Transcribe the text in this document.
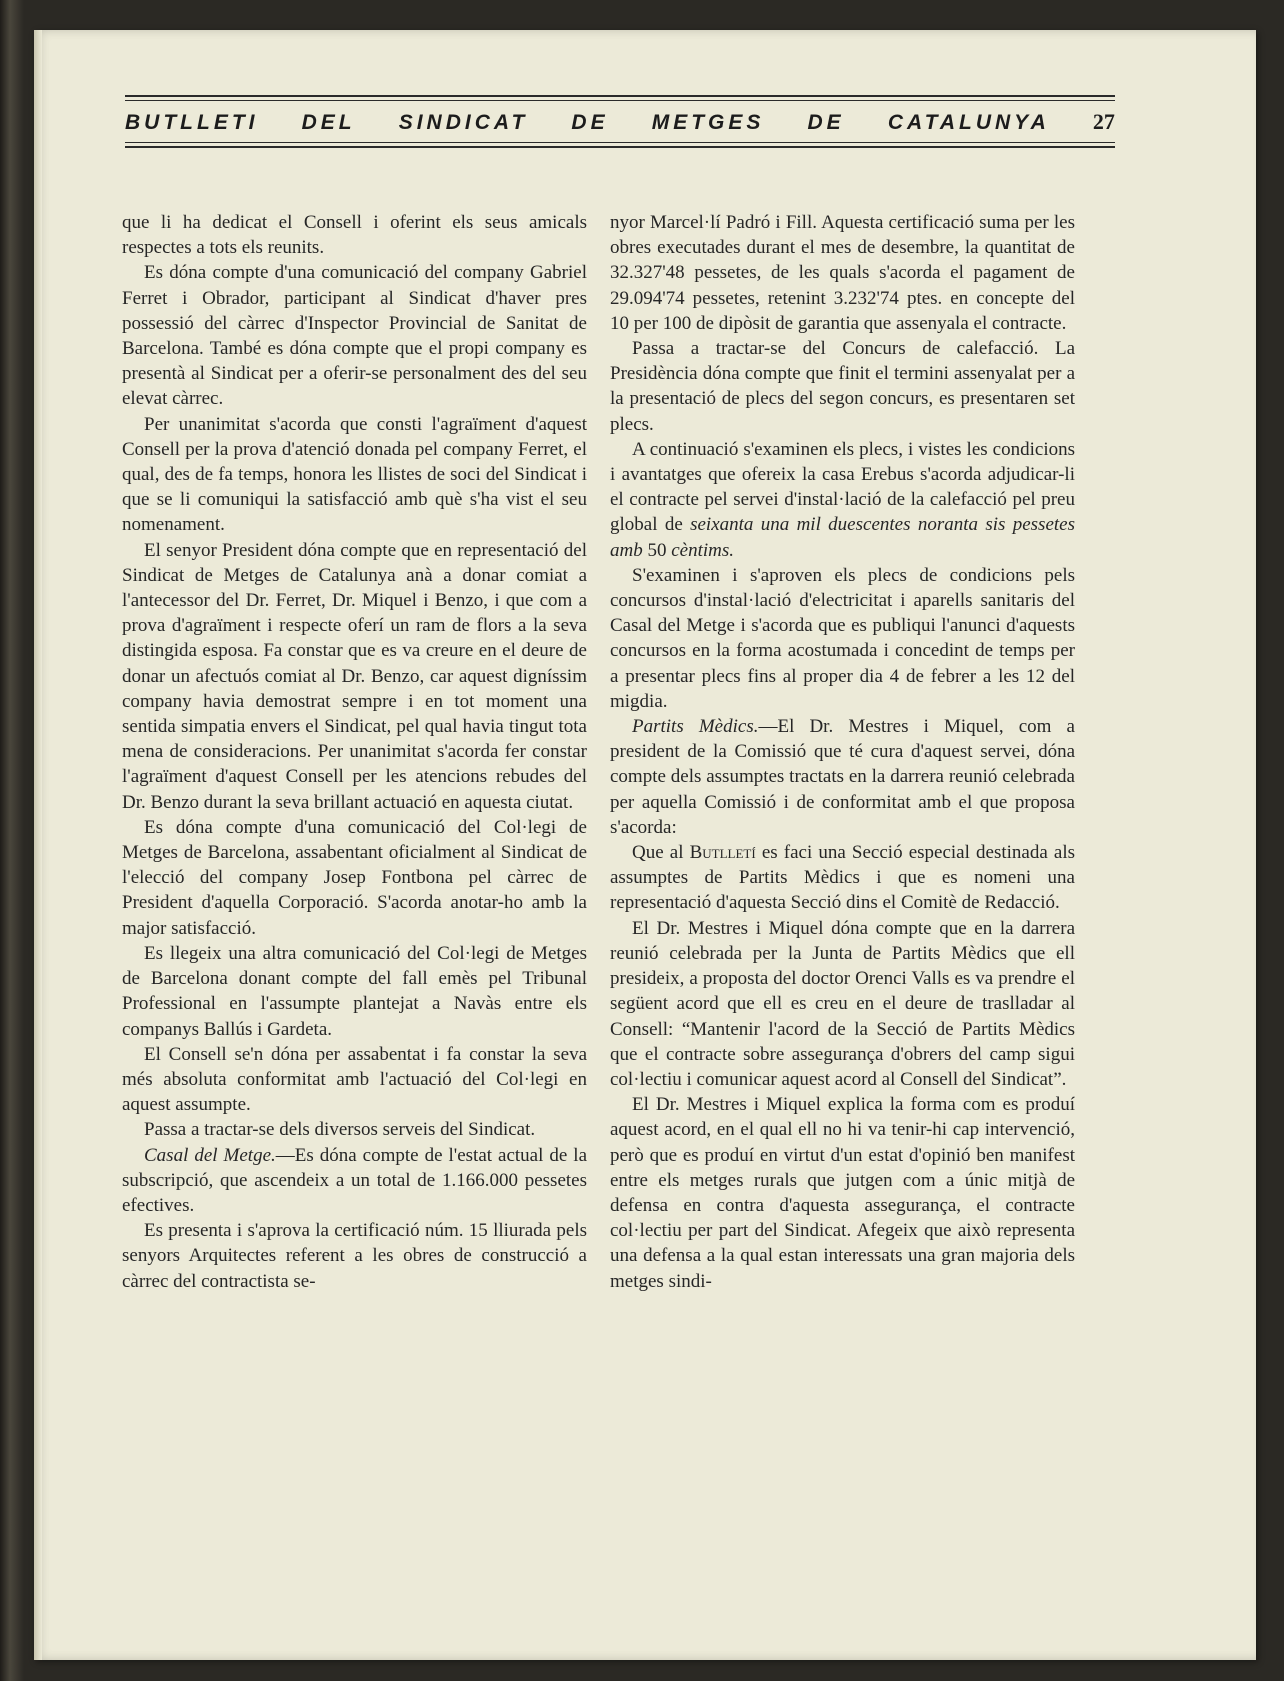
BUTLLETI DEL SINDICAT DE METGES DE CATALUNYA 27

que li ha dedicat el Consell i oferint els seus amicals respectes a tots els reunits.

Es dóna compte d'una comunicació del company Gabriel Ferret i Obrador, participant al Sindicat d'haver pres possessió del càrrec d'Inspector Provincial de Sanitat de Barcelona. També es dóna compte que el propi company es presentà al Sindicat per a oferir-se personalment des del seu elevat càrrec.

Per unanimitat s'acorda que consti l'agraïment d'aquest Consell per la prova d'atenció donada pel company Ferret, el qual, des de fa temps, honora les llistes de soci del Sindicat i que se li comuniqui la satisfacció amb què s'ha vist el seu nomenament.

El senyor President dóna compte que en representació del Sindicat de Metges de Catalunya anà a donar comiat a l'antecessor del Dr. Ferret, Dr. Miquel i Benzo, i que com a prova d'agraïment i respecte oferí un ram de flors a la seva distingida esposa. Fa constar que es va creure en el deure de donar un afectuós comiat al Dr. Benzo, car aquest digníssim company havia demostrat sempre i en tot moment una sentida simpatia envers el Sindicat, pel qual havia tingut tota mena de consideracions. Per unanimitat s'acorda fer constar l'agraïment d'aquest Consell per les atencions rebudes del Dr. Benzo durant la seva brillant actuació en aquesta ciutat.

Es dóna compte d'una comunicació del Col·legi de Metges de Barcelona, assabentant oficialment al Sindicat de l'elecció del company Josep Fontbona pel càrrec de President d'aquella Corporació. S'acorda anotar-ho amb la major satisfacció.

Es llegeix una altra comunicació del Col·legi de Metges de Barcelona donant compte del fall emès pel Tribunal Professional en l'assumpte plantejat a Navàs entre els companys Ballús i Gardeta.

El Consell se'n dóna per assabentat i fa constar la seva més absoluta conformitat amb l'actuació del Col·legi en aquest assumpte.

Passa a tractar-se dels diversos serveis del Sindicat.

Casal del Metge.—Es dóna compte de l'estat actual de la subscripció, que ascendeix a un total de 1.166.000 pessetes efectives.

Es presenta i s'aprova la certificació núm. 15 lliurada pels senyors Arquitectes referent a les obres de construcció a càrrec del contractista se-

nyor Marcel·lí Padró i Fill. Aquesta certificació suma per les obres executades durant el mes de desembre, la quantitat de 32.327'48 pessetes, de les quals s'acorda el pagament de 29.094'74 pessetes, retenint 3.232'74 ptes. en concepte del 10 per 100 de dipòsit de garantia que assenyala el contracte.

Passa a tractar-se del Concurs de calefacció. La Presidència dóna compte que finit el termini assenyalat per a la presentació de plecs del segon concurs, es presentaren set plecs.

A continuació s'examinen els plecs, i vistes les condicions i avantatges que ofereix la casa Erebus s'acorda adjudicar-li el contracte pel servei d'instal·lació de la calefacció pel preu global de seixanta una mil duescentes noranta sis pessetes amb 50 cèntims.

S'examinen i s'aproven els plecs de condicions pels concursos d'instal·lació d'electricitat i aparells sanitaris del Casal del Metge i s'acorda que es publiqui l'anunci d'aquests concursos en la forma acostumada i concedint de temps per a presentar plecs fins al proper dia 4 de febrer a les 12 del migdia.

Partits Mèdics.—El Dr. Mestres i Miquel, com a president de la Comissió que té cura d'aquest servei, dóna compte dels assumptes tractats en la darrera reunió celebrada per aquella Comissió i de conformitat amb el que proposa s'acorda:

Que al Butlletí es faci una Secció especial destinada als assumptes de Partits Mèdics i que es nomeni una representació d'aquesta Secció dins el Comitè de Redacció.

El Dr. Mestres i Miquel dóna compte que en la darrera reunió celebrada per la Junta de Partits Mèdics que ell presideix, a proposta del doctor Orenci Valls es va prendre el següent acord que ell es creu en el deure de traslladar al Consell: “Mantenir l'acord de la Secció de Partits Mèdics que el contracte sobre assegurança d'obrers del camp sigui col·lectiu i comunicar aquest acord al Consell del Sindicat”.

El Dr. Mestres i Miquel explica la forma com es produí aquest acord, en el qual ell no hi va tenir-hi cap intervenció, però que es produí en virtut d'un estat d'opinió ben manifest entre els metges rurals que jutgen com a únic mitjà de defensa en contra d'aquesta assegurança, el contracte col·lectiu per part del Sindicat. Afegeix que això representa una defensa a la qual estan interessats una gran majoria dels metges sindi-
